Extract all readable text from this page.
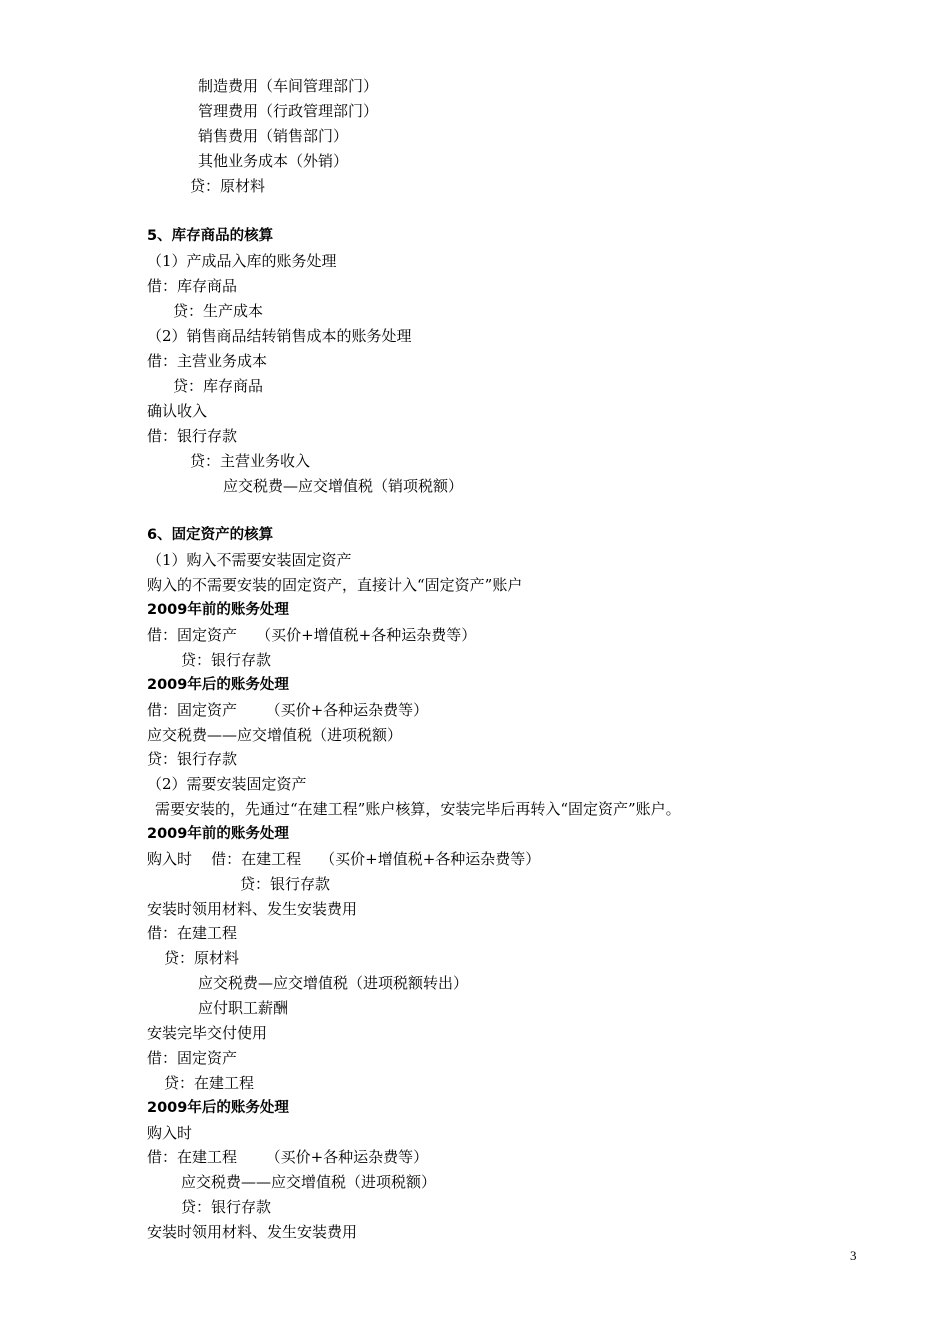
制造费用（车间管理部门）
管理费用（行政管理部门）
销售费用（销售部门）
其他业务成本（外销）
贷：原材料
5、库存商品的核算
（1）产成品入库的账务处理
借：库存商品
贷：生产成本
（2）销售商品结转销售成本的账务处理
借：主营业务成本
贷：库存商品
确认收入
借：银行存款
贷：主营业务收入
应交税费—应交增值税（销项税额）
6、固定资产的核算
（1）购入不需要安装固定资产
购入的不需要安装的固定资产，直接计入“固定资产”账户
2009年前的账务处理
借：固定资产    （买价+增值税+各种运杂费等）
贷：银行存款
2009年后的账务处理
借：固定资产      （买价+各种运杂费等）
应交税费——应交增值税（进项税额）
贷：银行存款
（2）需要安装固定资产
需要安装的，先通过“在建工程”账户核算，安装完毕后再转入“固定资产”账户。
2009年前的账务处理
购入时    借：在建工程    （买价+增值税+各种运杂费等）
贷：银行存款
安装时领用材料、发生安装费用
借：在建工程
贷：原材料
应交税费—应交增值税（进项税额转出）
应付职工薪酬
安装完毕交付使用
借：固定资产
贷：在建工程
2009年后的账务处理
购入时
借：在建工程      （买价+各种运杂费等）
应交税费——应交增值税（进项税额）
贷：银行存款
安装时领用材料、发生安装费用
3
